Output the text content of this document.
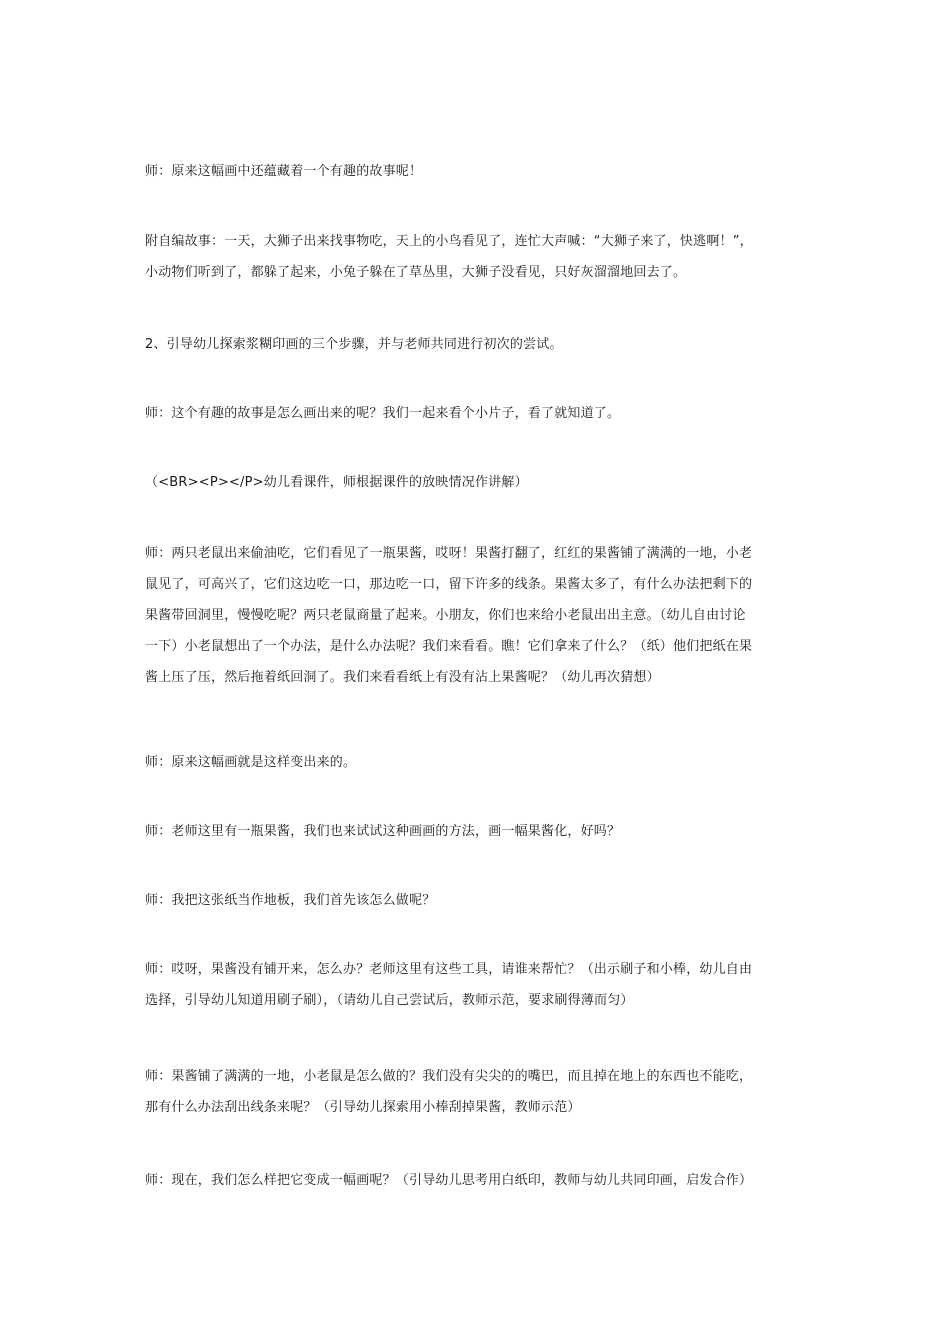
师：原来这幅画中还蕴藏着一个有趣的故事呢！

附自编故事：一天，大狮子出来找事物吃，天上的小鸟看见了，连忙大声喊：“大狮子来了，快逃啊！”，
小动物们听到了，都躲了起来，小兔子躲在了草丛里，大狮子没看见，只好灰溜溜地回去了。

2、引导幼儿探索浆糊印画的三个步骤，并与老师共同进行初次的尝试。

师：这个有趣的故事是怎么画出来的呢？我们一起来看个小片子，看了就知道了。

（<BR><P></P>幼儿看课件，师根据课件的放映情况作讲解）

师：两只老鼠出来偷油吃，它们看见了一瓶果酱，哎呀！果酱打翻了，红红的果酱铺了满满的一地，小老
鼠见了，可高兴了，它们这边吃一口，那边吃一口，留下许多的线条。果酱太多了，有什么办法把剩下的
果酱带回洞里，慢慢吃呢？两只老鼠商量了起来。小朋友，你们也来给小老鼠出出主意。（幼儿自由讨论
一下）小老鼠想出了一个办法，是什么办法呢？我们来看看。瞧！它们拿来了什么？（纸）他们把纸在果
酱上压了压，然后拖着纸回洞了。我们来看看纸上有没有沾上果酱呢？（幼儿再次猜想）

师：原来这幅画就是这样变出来的。

师：老师这里有一瓶果酱，我们也来试试这种画画的方法，画一幅果酱化，好吗？

师：我把这张纸当作地板，我们首先该怎么做呢？

师：哎呀，果酱没有铺开来，怎么办？老师这里有这些工具，请谁来帮忙？（出示刷子和小棒，幼儿自由
选择，引导幼儿知道用刷子刷），（请幼儿自己尝试后，教师示范，要求刷得薄而匀）

师：果酱铺了满满的一地，小老鼠是怎么做的？我们没有尖尖的的嘴巴，而且掉在地上的东西也不能吃，
那有什么办法刮出线条来呢？（引导幼儿探索用小棒刮掉果酱，教师示范）

师：现在，我们怎么样把它变成一幅画呢？（引导幼儿思考用白纸印，教师与幼儿共同印画，启发合作）
